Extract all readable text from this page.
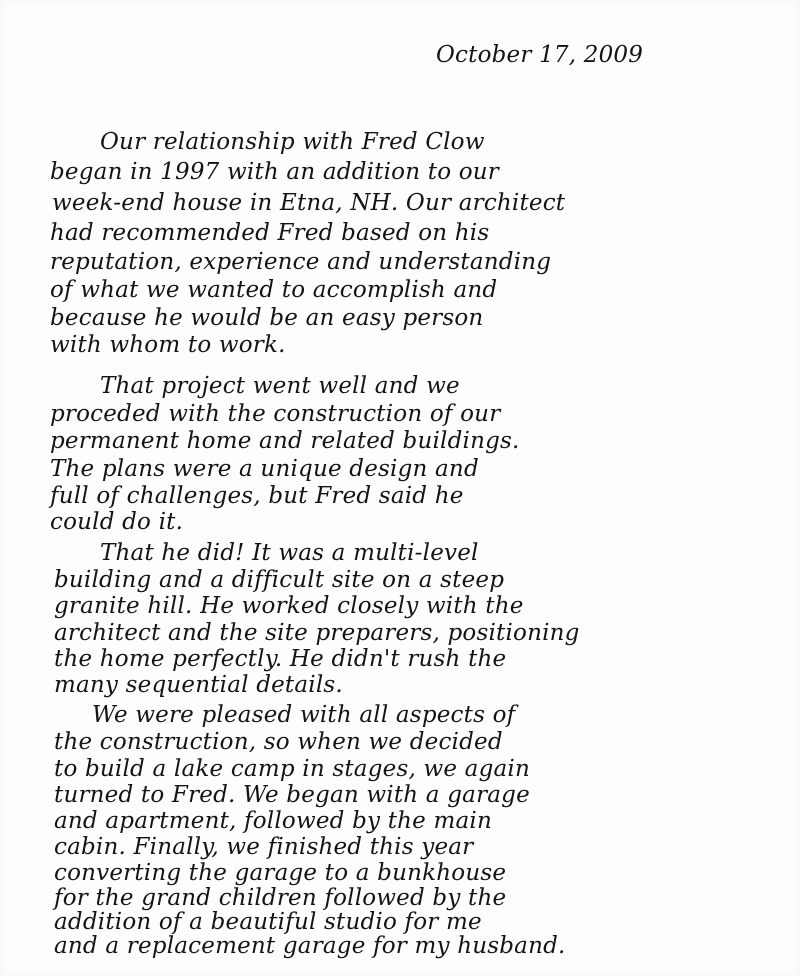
October 17, 2009
Our relationship with Fred Clow
began in 1997 with an addition to our
week-end house in Etna, NH. Our architect
had recommended Fred based on his
reputation, experience and understanding
of what we wanted to accomplish and
because he would be an easy person
with whom to work.
That project went well and we
proceded with the construction of our
permanent home and related buildings.
The plans were a unique design and
full of challenges, but Fred said he
could do it.
That he did! It was a multi-level
building and a difficult site on a steep
granite hill. He worked closely with the
architect and the site preparers, positioning
the home perfectly. He didn't rush the
many sequential details.
We were pleased with all aspects of
the construction, so when we decided
to build a lake camp in stages, we again
turned to Fred. We began with a garage
and apartment, followed by the main
cabin. Finally, we finished this year
converting the garage to a bunkhouse
for the grand children followed by the
addition of a beautiful studio for me
and a replacement garage for my husband.
